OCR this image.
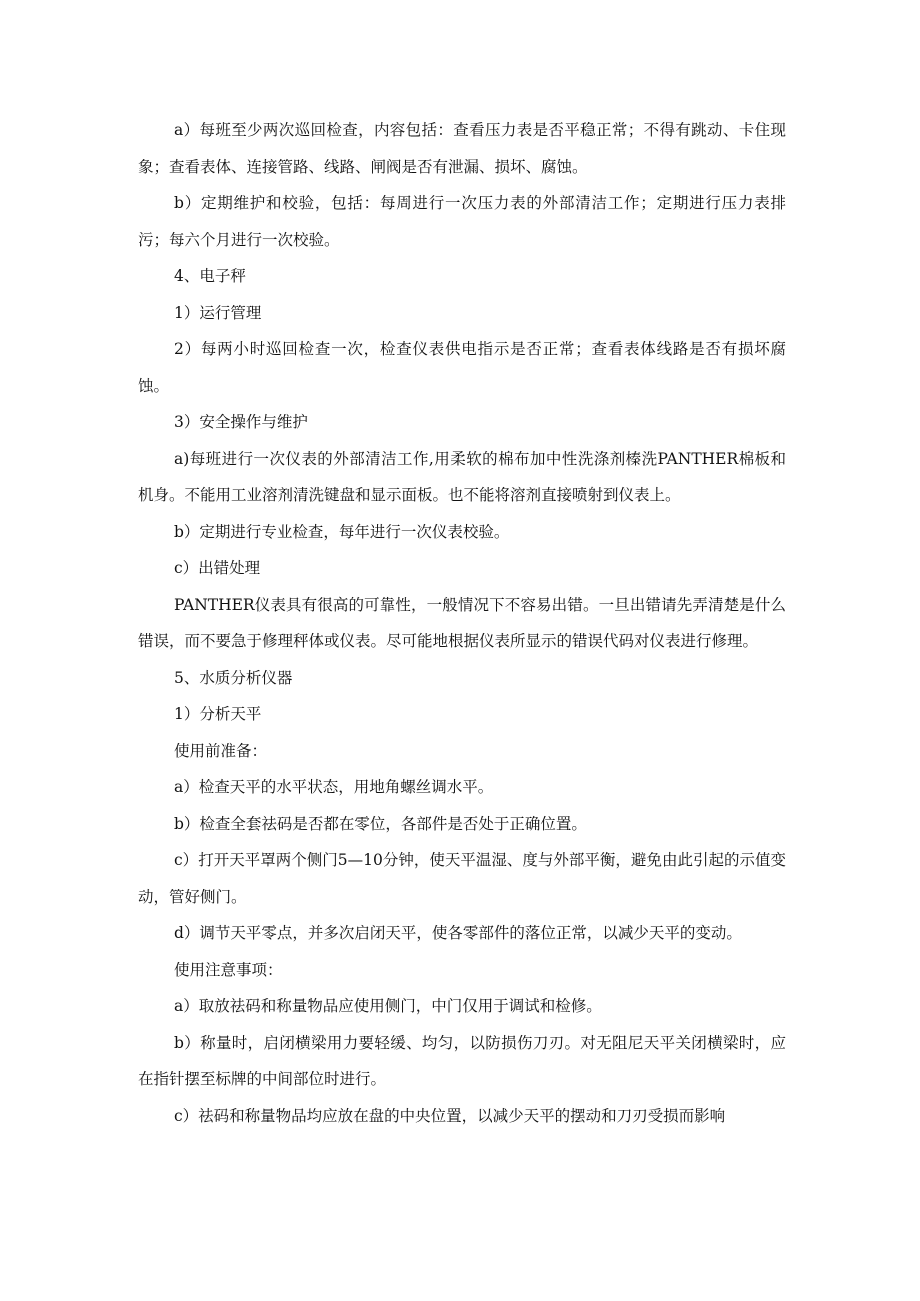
a）每班至少两次巡回检查，内容包括：查看压力表是否平稳正常；不得有跳动、卡住现象；查看表体、连接管路、线路、闸阀是否有泄漏、损坏、腐蚀。

b）定期维护和校验，包括：每周进行一次压力表的外部清洁工作；定期进行压力表排污；每六个月进行一次校验。

4、电子秤

1）运行管理

2）每两小时巡回检查一次，检查仪表供电指示是否正常；查看表体线路是否有损坏腐蚀。

3）安全操作与维护

a)每班进行一次仪表的外部清洁工作,用柔软的棉布加中性洗涤剂榛洗PANTHER棉板和机身。不能用工业溶剂清洗键盘和显示面板。也不能将溶剂直接喷射到仪表上。

b）定期进行专业检查，每年进行一次仪表校验。

c）出错处理

PANTHER仪表具有很高的可靠性，一般情况下不容易出错。一旦出错请先弄清楚是什么错误，而不要急于修理秤体或仪表。尽可能地根据仪表所显示的错误代码对仪表进行修理。

5、水质分析仪器

1）分析天平

使用前准备：

a）检查天平的水平状态，用地角螺丝调水平。

b）检查全套祛码是否都在零位，各部件是否处于正确位置。

c）打开天平罩两个侧门5—10分钟，使天平温湿、度与外部平衡，避免由此引起的示值变动，管好侧门。

d）调节天平零点，并多次启闭天平，使各零部件的落位正常，以减少天平的变动。

使用注意事项：

a）取放祛码和称量物品应使用侧门，中门仅用于调试和检修。

b）称量时，启闭横梁用力要轻缓、均匀，以防损伤刀刃。对无阻尼天平关闭横梁时，应在指针摆至标牌的中间部位时进行。

c）祛码和称量物品均应放在盘的中央位置，以减少天平的摆动和刀刃受损而影响
